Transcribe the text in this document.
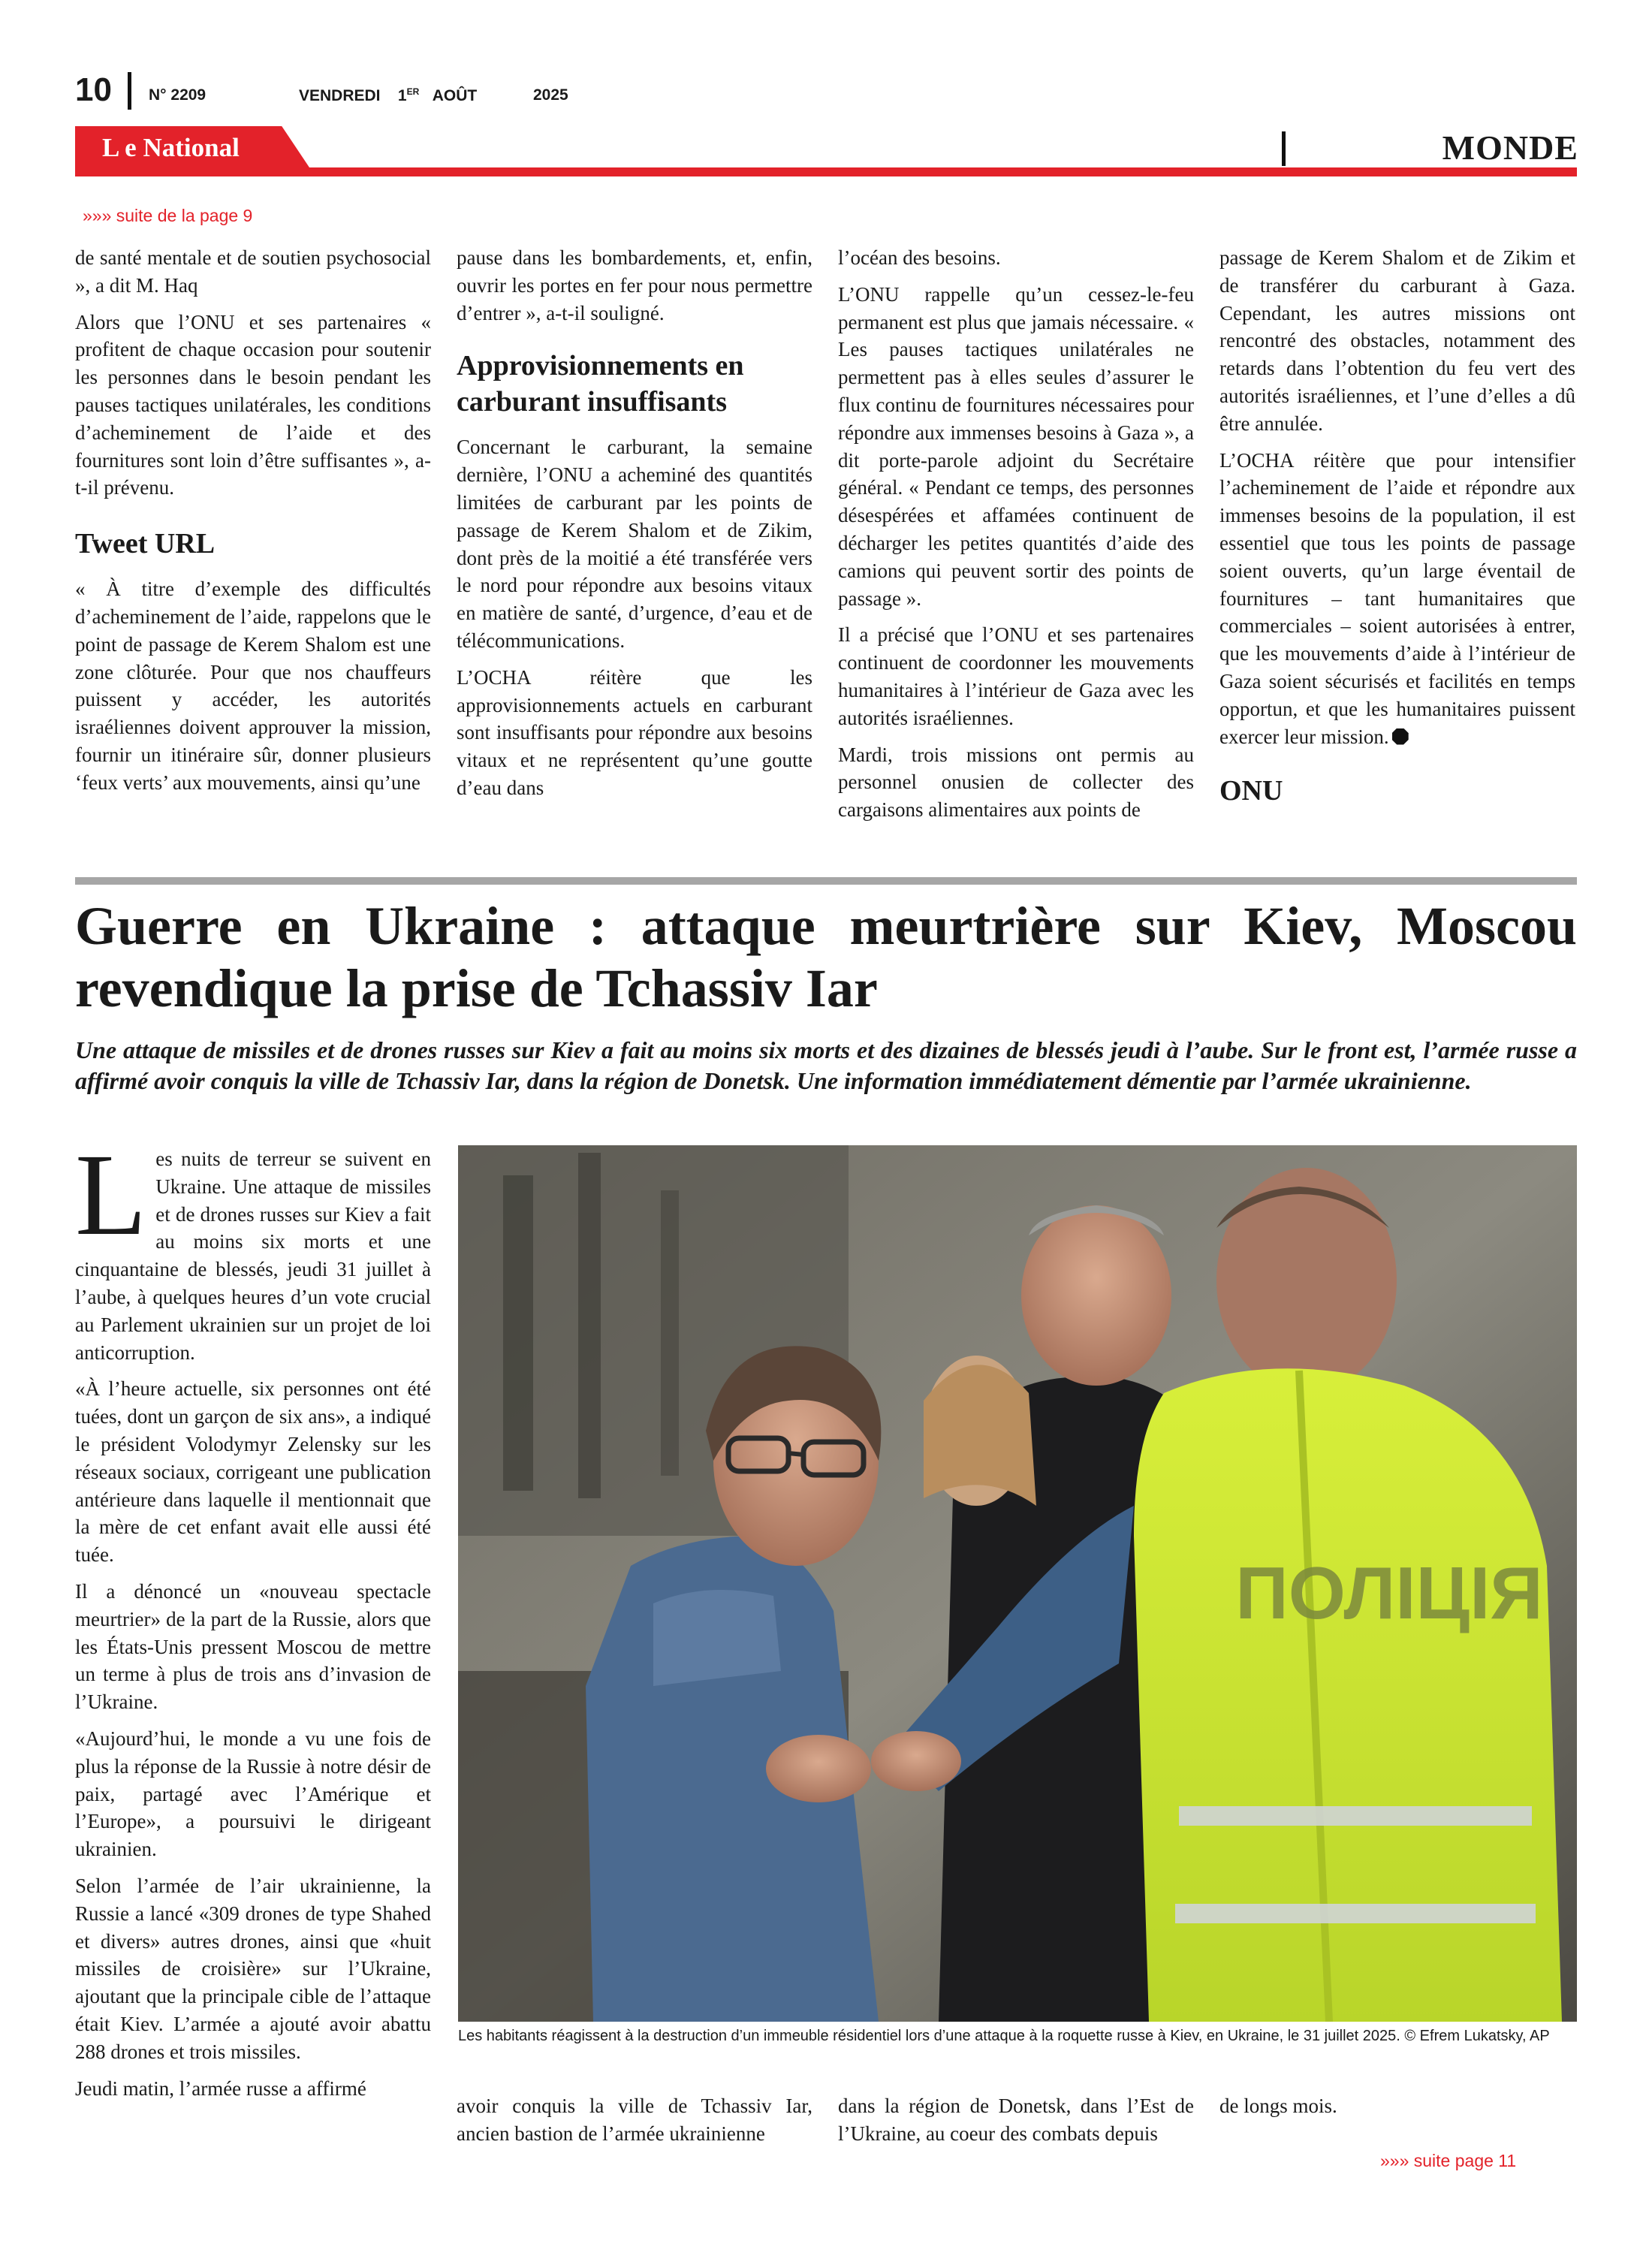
10 N° 2209	VENDREDI 1ER AOÛT	2025
L e National	MONDE
»»» suite de la page 9

de santé mentale et de soutien psychosocial », a dit M. Haq

Alors que l’ONU et ses partenaires « profitent de chaque occasion pour soutenir les personnes dans le besoin pendant les pauses tactiques unilatérales, les conditions d’acheminement de l’aide et des fournitures sont loin d’être suffisantes », a-t-il prévenu.

Tweet URL

« À titre d’exemple des difficultés d’acheminement de l’aide, rappelons que le point de passage de Kerem Shalom est une zone clôturée. Pour que nos chauffeurs puissent y accéder, les autorités israéliennes doivent approuver la mission, fournir un itinéraire sûr, donner plusieurs ‘feux verts’ aux mouvements, ainsi qu’une

pause dans les bombardements, et, enfin, ouvrir les portes en fer pour nous permettre d’entrer », a-t-il souligné.

Approvisionnements en carburant insuffisants

Concernant le carburant, la semaine dernière, l’ONU a acheminé des quantités limitées de carburant par les points de passage de Kerem Shalom et de Zikim, dont près de la moitié a été transférée vers le nord pour répondre aux besoins vitaux en matière de santé, d’urgence, d’eau et de télécommunications.

L’OCHA réitère que les approvisionnements actuels en carburant sont insuffisants pour répondre aux besoins vitaux et ne représentent qu’une goutte d’eau dans

l’océan des besoins.

L’ONU rappelle qu’un cessez-le-feu permanent est plus que jamais nécessaire. « Les pauses tactiques unilatérales ne permettent pas à elles seules d’assurer le flux continu de fournitures nécessaires pour répondre aux immenses besoins à Gaza », a dit porte-parole adjoint du Secrétaire général. « Pendant ce temps, des personnes désespérées et affamées continuent de décharger les petites quantités d’aide des camions qui peuvent sortir des points de passage ».

Il a précisé que l’ONU et ses partenaires continuent de coordonner les mouvements humanitaires à l’intérieur de Gaza avec les autorités israéliennes.

Mardi, trois missions ont permis au personnel onusien de collecter des cargaisons alimentaires aux points de

passage de Kerem Shalom et de Zikim et de transférer du carburant à Gaza. Cependant, les autres missions ont rencontré des obstacles, notamment des retards dans l’obtention du feu vert des autorités israéliennes, et l’une d’elles a dû être annulée.

L’OCHA réitère que pour intensifier l’acheminement de l’aide et répondre aux immenses besoins de la population, il est essentiel que tous les points de passage soient ouverts, qu’un large éventail de fournitures – tant humanitaires que commerciales – soient autorisées à entrer, que les mouvements d’aide à l’intérieur de Gaza soient sécurisés et facilités en temps opportun, et que les humanitaires puissent exercer leur mission.

ONU
Guerre en Ukraine : attaque meurtrière sur Kiev, Moscou revendique la prise de Tchassiv Iar
Une attaque de missiles et de drones russes sur Kiev a fait au moins six morts et des dizaines de blessés jeudi à l’aube. Sur le front est, l’armée russe a affirmé avoir conquis la ville de Tchassiv Iar, dans la région de Donetsk. Une information immédiatement démentie par l’armée ukrainienne.

Les nuits de terreur se suivent en Ukraine. Une attaque de missiles et de drones russes sur Kiev a fait au moins six morts et une cinquantaine de blessés, jeudi 31 juillet à l’aube, à quelques heures d’un vote crucial au Parlement ukrainien sur un projet de loi anticorruption.

«À l’heure actuelle, six personnes ont été tuées, dont un garçon de six ans», a indiqué le président Volodymyr Zelensky sur les réseaux sociaux, corrigeant une publication antérieure dans laquelle il mentionnait que la mère de cet enfant avait elle aussi été tuée.

Il a dénoncé un «nouveau spectacle meurtrier» de la part de la Russie, alors que les États-Unis pressent Moscou de mettre un terme à plus de trois ans d’invasion de l’Ukraine.

«Aujourd’hui, le monde a vu une fois de plus la réponse de la Russie à notre désir de paix, partagé avec l’Amérique et l’Europe», a poursuivi le dirigeant ukrainien.

Selon l’armée de l’air ukrainienne, la Russie a lancé «309 drones de type Shahed et divers» autres drones, ainsi que «huit missiles de croisière» sur l’Ukraine, ajoutant que la principale cible de l’attaque était Kiev. L’armée a ajouté avoir abattu 288 drones et trois missiles.

Jeudi matin, l’armée russe a affirmé

ПОЛІЦІЯ
Les habitants réagissent à la destruction d’un immeuble résidentiel lors d’une attaque à la roquette russe à Kiev, en Ukraine, le 31 juillet 2025. © Efrem Lukatsky, AP

avoir conquis la ville de Tchassiv Iar, ancien bastion de l’armée ukrainienne

dans la région de Donetsk, dans l’Est de l’Ukraine, au coeur des combats depuis

de longs mois.

»»» suite page 11
